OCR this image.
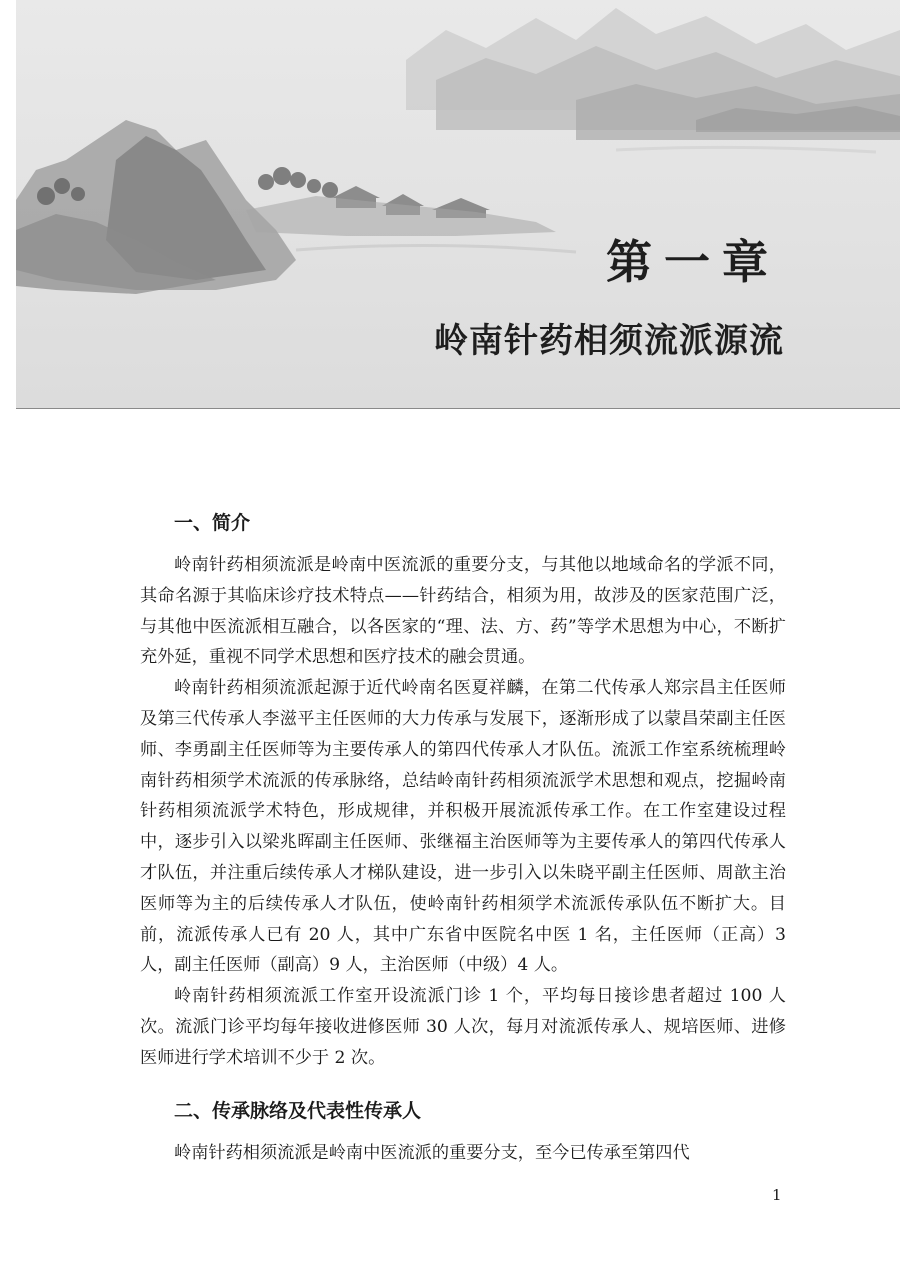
第一章
岭南针药相须流派源流
一、简介

岭南针药相须流派是岭南中医流派的重要分支，与其他以地域命名的学派不同，其命名源于其临床诊疗技术特点——针药结合，相须为用，故涉及的医家范围广泛，与其他中医流派相互融合，以各医家的“理、法、方、药”等学术思想为中心，不断扩充外延，重视不同学术思想和医疗技术的融会贯通。

岭南针药相须流派起源于近代岭南名医夏祥麟，在第二代传承人郑宗昌主任医师及第三代传承人李滋平主任医师的大力传承与发展下，逐渐形成了以蒙昌荣副主任医师、李勇副主任医师等为主要传承人的第四代传承人才队伍。流派工作室系统梳理岭南针药相须学术流派的传承脉络，总结岭南针药相须流派学术思想和观点，挖掘岭南针药相须流派学术特色，形成规律，并积极开展流派传承工作。在工作室建设过程中，逐步引入以梁兆晖副主任医师、张继福主治医师等为主要传承人的第四代传承人才队伍，并注重后续传承人才梯队建设，进一步引入以朱晓平副主任医师、周歆主治医师等为主的后续传承人才队伍，使岭南针药相须学术流派传承队伍不断扩大。目前，流派传承人已有 20 人，其中广东省中医院名中医 1 名，主任医师（正高）3 人，副主任医师（副高）9 人，主治医师（中级）4 人。

岭南针药相须流派工作室开设流派门诊 1 个，平均每日接诊患者超过 100 人次。流派门诊平均每年接收进修医师 30 人次，每月对流派传承人、规培医师、进修医师进行学术培训不少于 2 次。

二、传承脉络及代表性传承人

岭南针药相须流派是岭南中医流派的重要分支，至今已传承至第四代

1
